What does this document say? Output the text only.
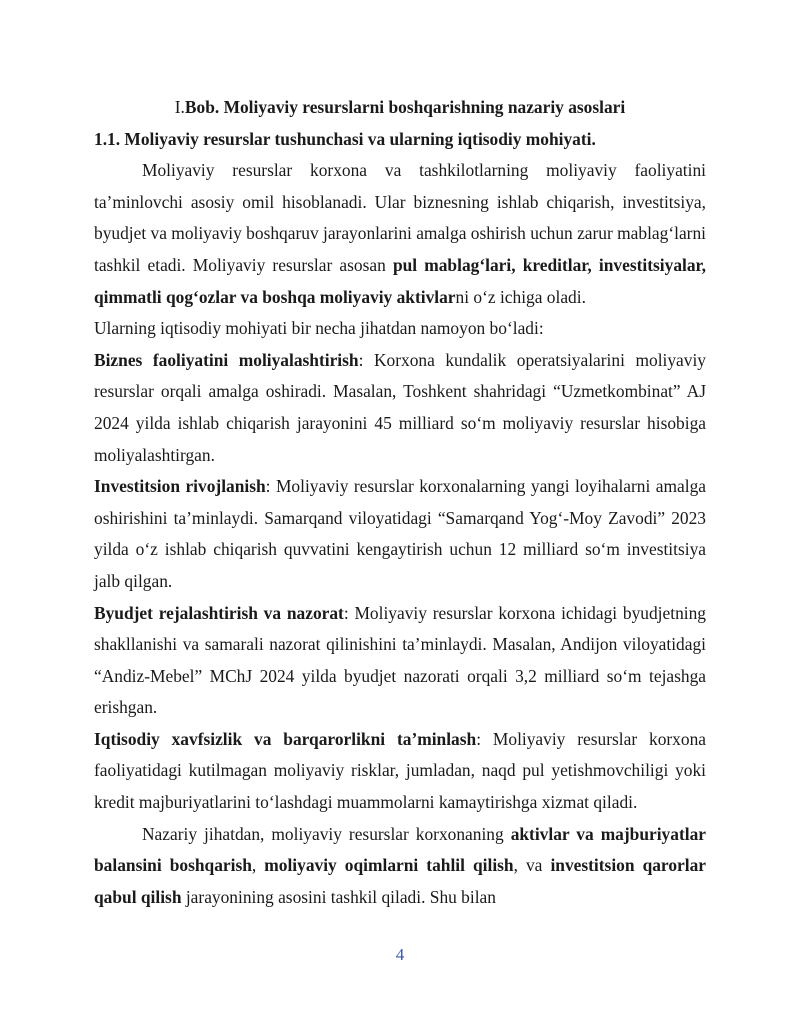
I.Bob. Moliyaviy resurslarni boshqarishning nazariy asoslari

1.1. Moliyaviy resurslar tushunchasi va ularning iqtisodiy mohiyati.

Moliyaviy resurslar korxona va tashkilotlarning moliyaviy faoliyatini ta’minlovchi asosiy omil hisoblanadi. Ular biznesning ishlab chiqarish, investitsiya, byudjet va moliyaviy boshqaruv jarayonlarini amalga oshirish uchun zarur mablag‘larni tashkil etadi. Moliyaviy resurslar asosan pul mablag‘lari, kreditlar, investitsiyalar, qimmatli qog‘ozlar va boshqa moliyaviy aktivlarni o‘z ichiga oladi.

Ularning iqtisodiy mohiyati bir necha jihatdan namoyon bo‘ladi:

Biznes faoliyatini moliyalashtirish: Korxona kundalik operatsiyalarini moliyaviy resurslar orqali amalga oshiradi. Masalan, Toshkent shahridagi “Uzmetkombinat” AJ 2024 yilda ishlab chiqarish jarayonini 45 milliard so‘m moliyaviy resurslar hisobiga moliyalashtirgan.

Investitsion rivojlanish: Moliyaviy resurslar korxonalarning yangi loyihalarni amalga oshirishini ta’minlaydi. Samarqand viloyatidagi “Samarqand Yog‘-Moy Zavodi” 2023 yilda o‘z ishlab chiqarish quvvatini kengaytirish uchun 12 milliard so‘m investitsiya jalb qilgan.

Byudjet rejalashtirish va nazorat: Moliyaviy resurslar korxona ichidagi byudjetning shakllanishi va samarali nazorat qilinishini ta’minlaydi. Masalan, Andijon viloyatidagi “Andiz-Mebel” MChJ 2024 yilda byudjet nazorati orqali 3,2 milliard so‘m tejashga erishgan.

Iqtisodiy xavfsizlik va barqarorlikni ta’minlash: Moliyaviy resurslar korxona faoliyatidagi kutilmagan moliyaviy risklar, jumladan, naqd pul yetishmovchiligi yoki kredit majburiyatlarini to‘lashdagi muammolarni kamaytirishga xizmat qiladi.

Nazariy jihatdan, moliyaviy resurslar korxonaning aktivlar va majburiyatlar balansini boshqarish, moliyaviy oqimlarni tahlil qilish, va investitsion qarorlar qabul qilish jarayonining asosini tashkil qiladi. Shu bilan

4
